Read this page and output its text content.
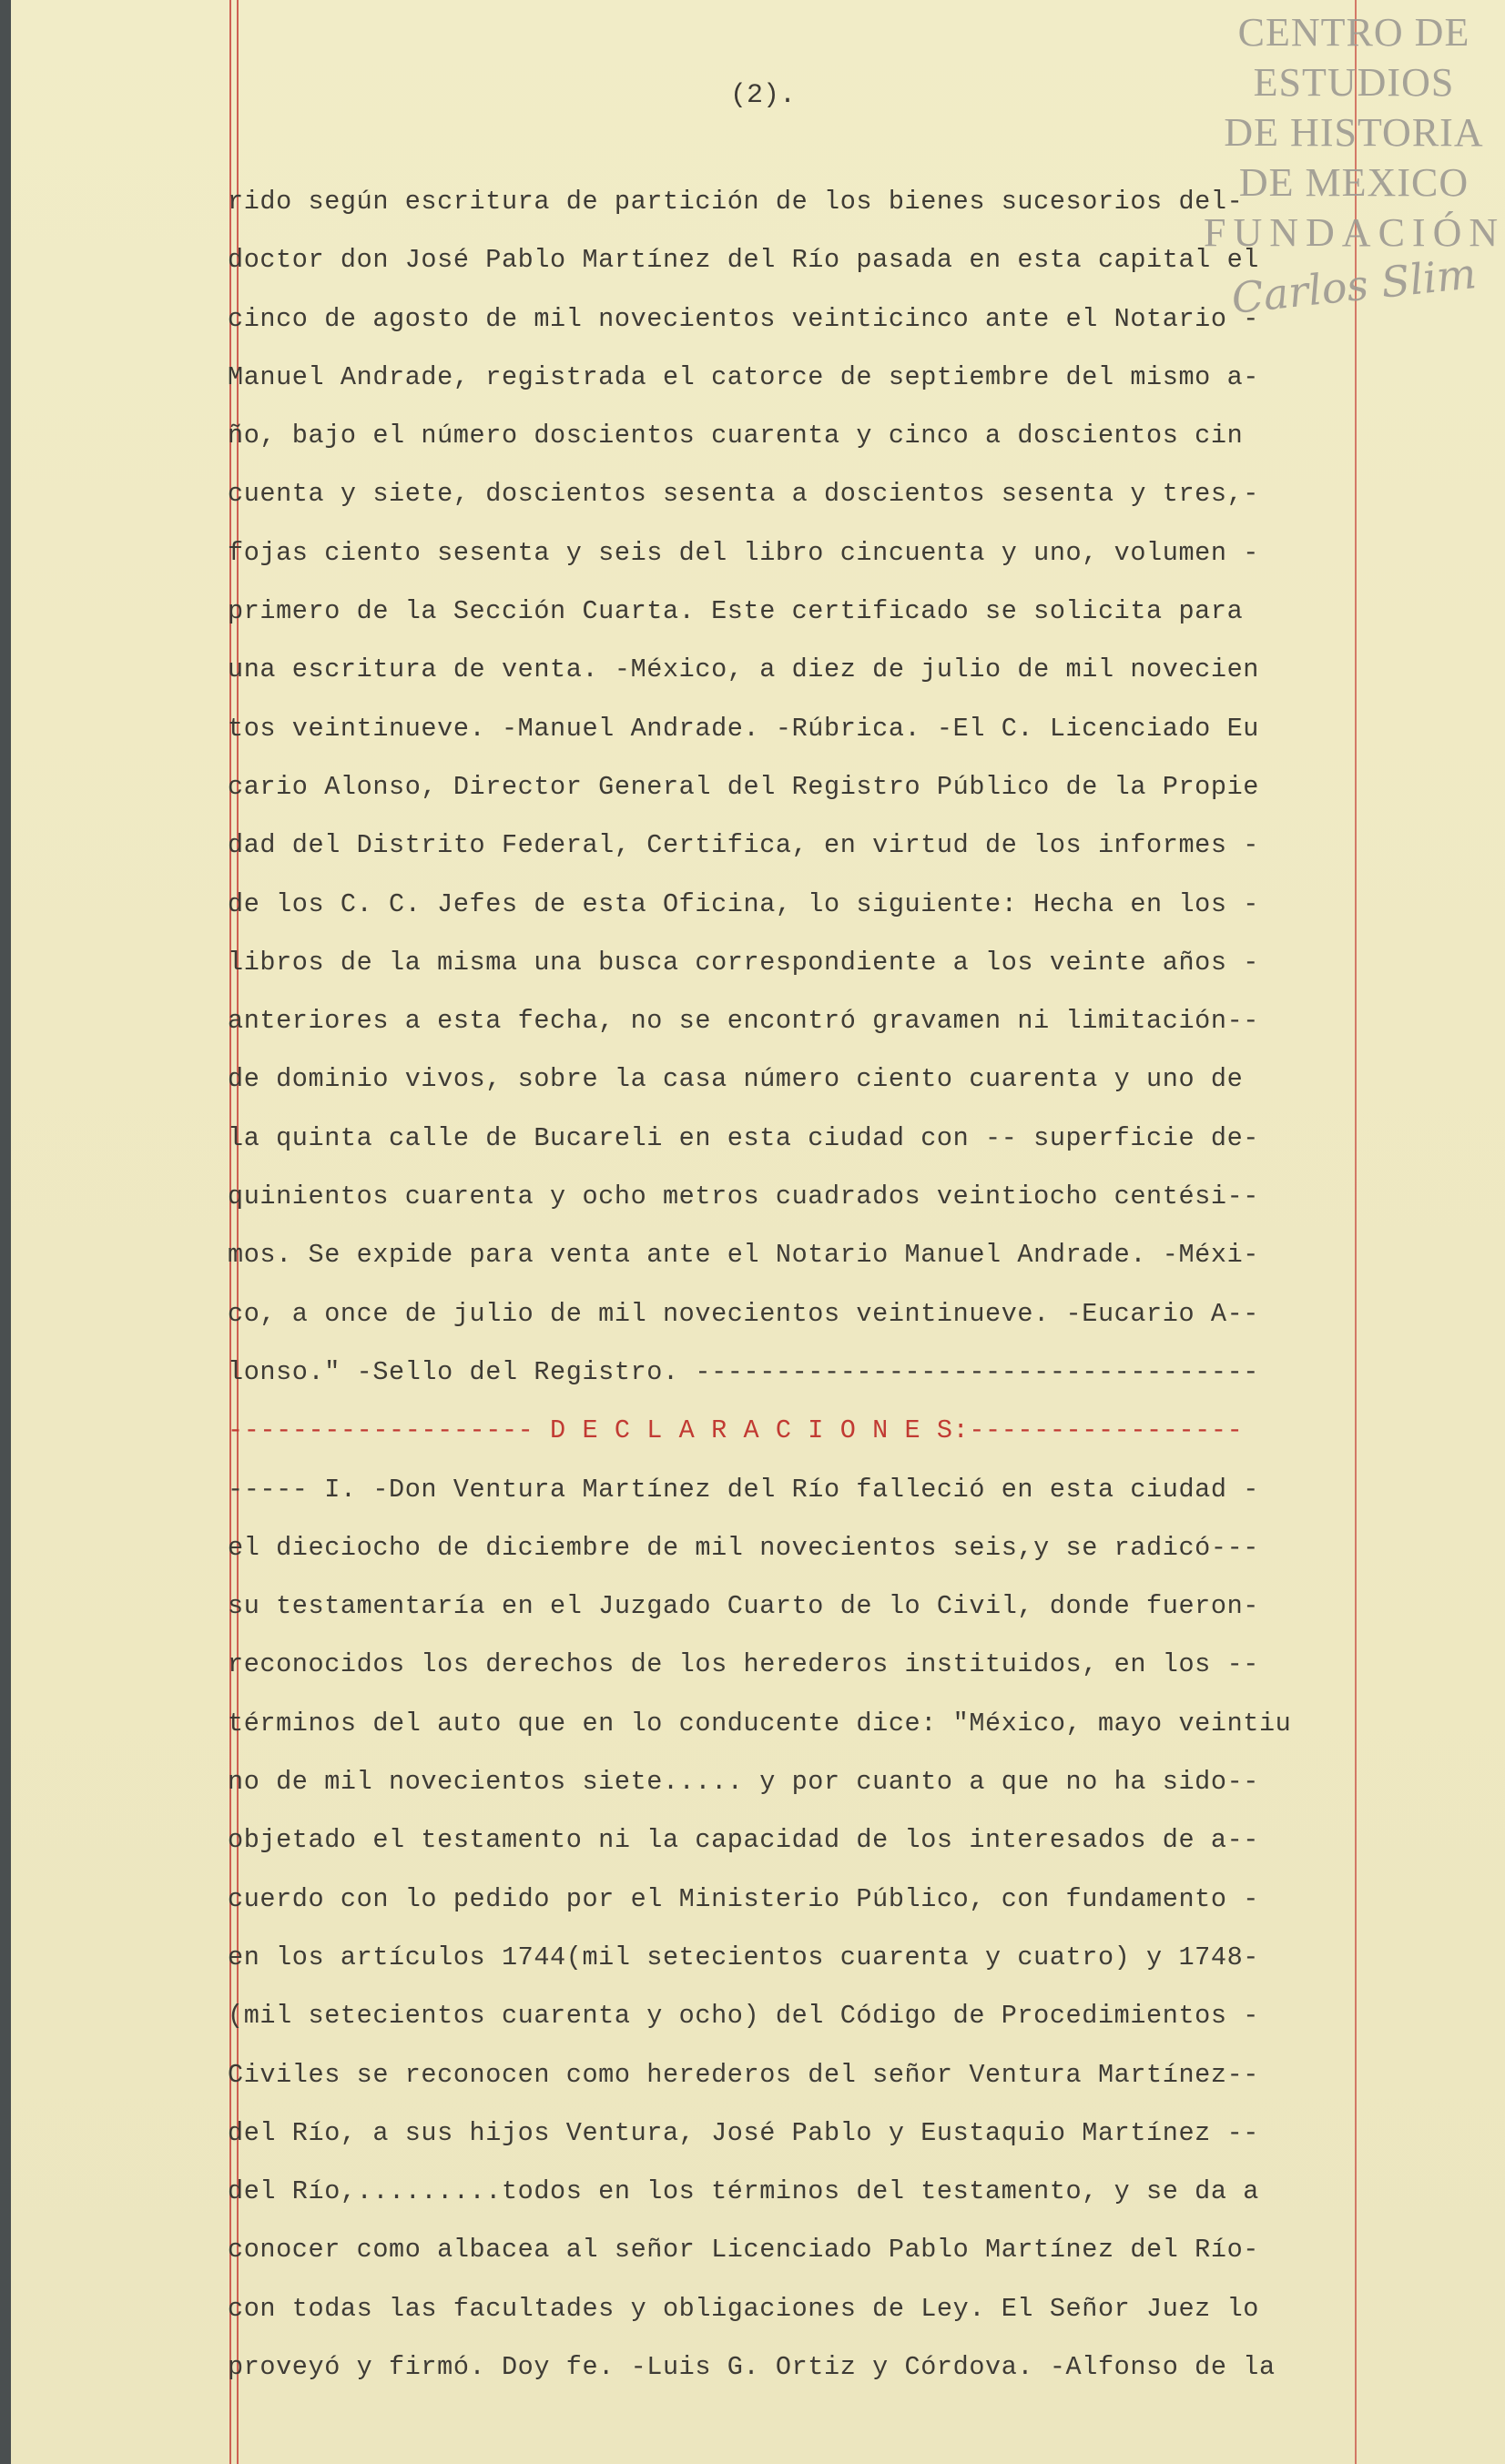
(2).
CENTRO DE
ESTUDIOS
DE HISTORIA
DE MEXICO
FUNDACIÓN
Carlos Slim
rido según escritura de partición de los bienes sucesorios del-
doctor don José Pablo Martínez del Río pasada en esta capital el
cinco de agosto de mil novecientos veinticinco ante el Notario -
Manuel Andrade, registrada el catorce de septiembre del mismo a-
ño, bajo el número doscientos cuarenta y cinco a doscientos cin
cuenta y siete, doscientos sesenta a doscientos sesenta y tres,-
fojas ciento sesenta y seis del libro cincuenta y uno, volumen -
primero de la Sección Cuarta. Este certificado se solicita para
una escritura de venta. -México, a diez de julio de mil novecien
tos veintinueve. -Manuel Andrade. -Rúbrica. -El C. Licenciado Eu
cario Alonso, Director General del Registro Público de la Propie
dad del Distrito Federal, Certifica, en virtud de los informes -
de los C. C. Jefes de esta Oficina, lo siguiente: Hecha en los -
libros de la misma una busca correspondiente a los veinte años -
anteriores a esta fecha, no se encontró gravamen ni limitación--
de dominio vivos, sobre la casa número ciento cuarenta y uno de
la quinta calle de Bucareli en esta ciudad con -- superficie de-
quinientos cuarenta y ocho metros cuadrados veintiocho centési--
mos. Se expide para venta ante el Notario Manuel Andrade. -Méxi-
co, a once de julio de mil novecientos veintinueve. -Eucario A--
lonso." -Sello del Registro. -----------------------------------
------------------- D E C L A R A C I O N E S:-----------------
----- I. -Don Ventura Martínez del Río falleció en esta ciudad -
el dieciocho de diciembre de mil novecientos seis,y se radicó---
su testamentaría en el Juzgado Cuarto de lo Civil, donde fueron-
reconocidos los derechos de los herederos instituidos, en los --
términos del auto que en lo conducente dice: "México, mayo veintiu
no de mil novecientos siete..... y por cuanto a que no ha sido--
objetado el testamento ni la capacidad de los interesados de a--
cuerdo con lo pedido por el Ministerio Público, con fundamento -
en los artículos 1744(mil setecientos cuarenta y cuatro) y 1748-
(mil setecientos cuarenta y ocho) del Código de Procedimientos -
Civiles se reconocen como herederos del señor Ventura Martínez--
del Río, a sus hijos Ventura, José Pablo y Eustaquio Martínez --
del Río,.........todos en los términos del testamento, y se da a
conocer como albacea al señor Licenciado Pablo Martínez del Río-
con todas las facultades y obligaciones de Ley. El Señor Juez lo
proveyó y firmó. Doy fe. -Luis G. Ortiz y Córdova. -Alfonso de la
